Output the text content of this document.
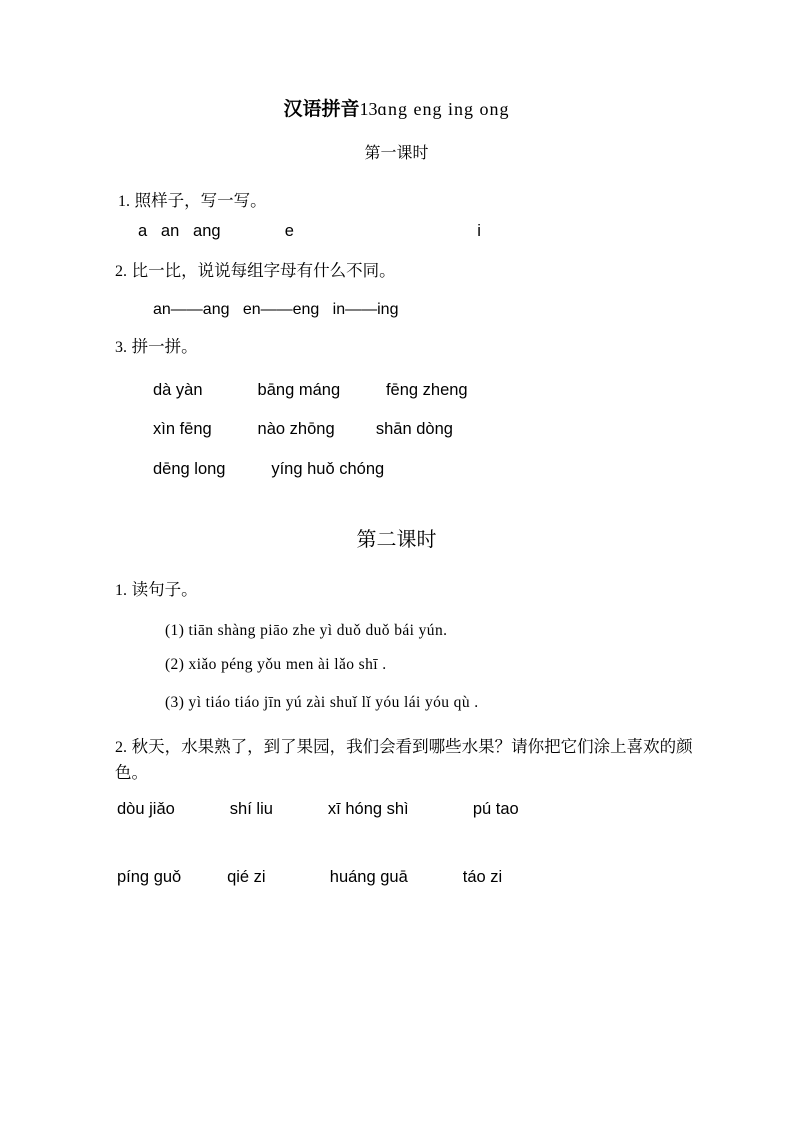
汉语拼音13ɑng eng ing ong
第一课时
1. 照样子，写一写。
a   an   ang              e                                        i
2. 比一比，说说每组字母有什么不同。
an——ang   en——eng   in——ing
3. 拼一拼。
dà yàn            bāng máng          fēng zheng
xìn fēng          nào zhōng         shān dòng
dēng long          yíng huǒ chóng
第二课时
1. 读句子。
(1) tiān shàng piāo zhe yì duǒ duǒ bái yún.
(2) xiǎo péng yǒu men ài lǎo shī .
(3) yì tiáo tiáo jīn yú zài shuǐ lǐ yóu lái yóu qù .
2. 秋天，水果熟了，到了果园，我们会看到哪些水果？请你把它们涂上喜欢的颜色。
dòu jiǎo            shí liu            xī hóng shì              pú tao
píng guǒ          qié zi              huáng guā            táo zi
